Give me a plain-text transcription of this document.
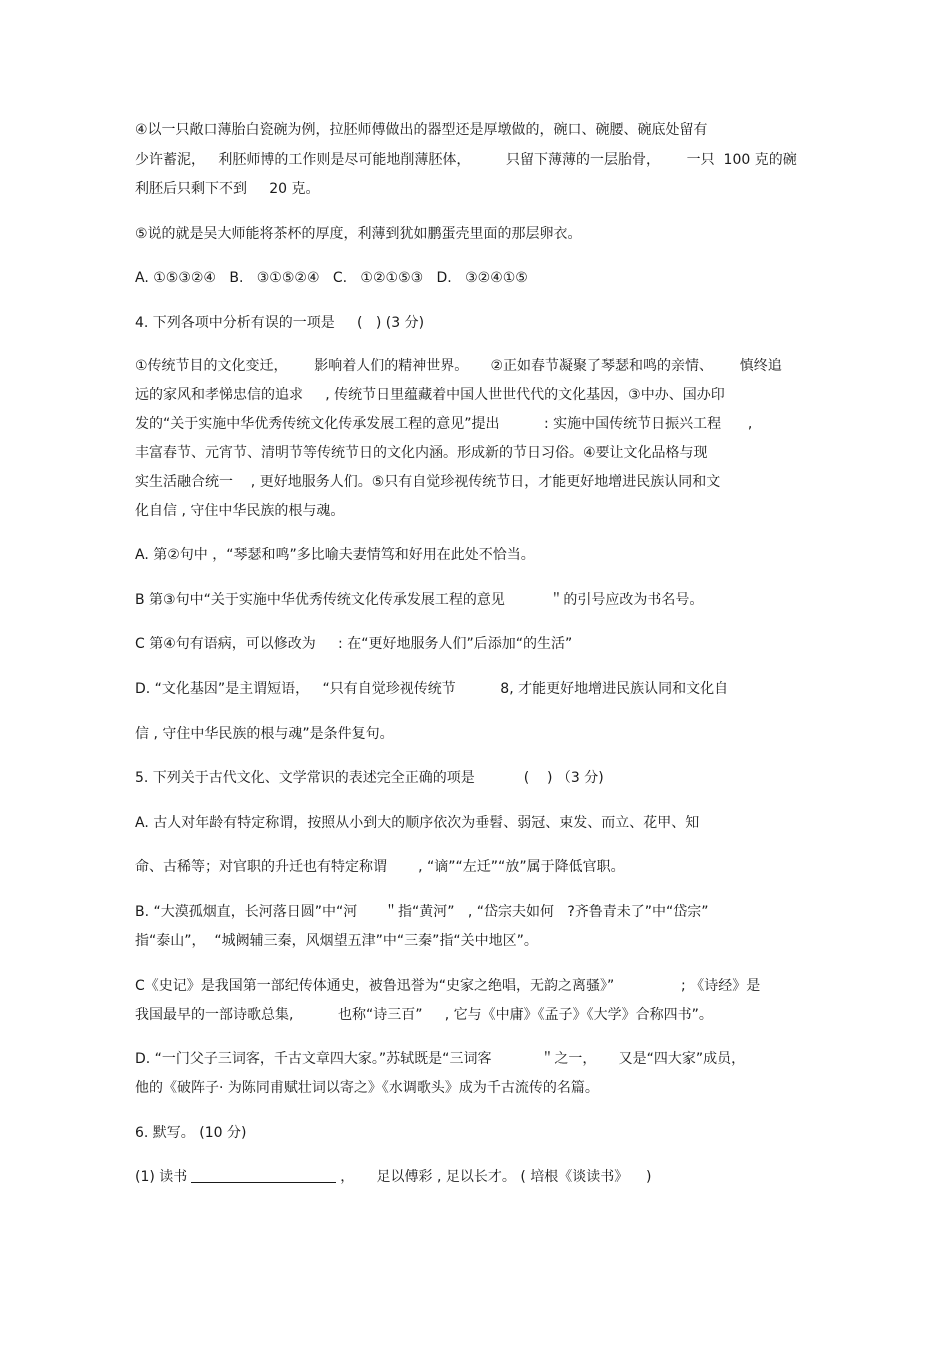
④以一只敞口薄胎白瓷碗为例，拉胚师傅做出的器型还是厚墩做的，碗口、碗腰、碗底处留有
少许蓄泥，   利胚师博的工作则是尽可能地削薄胚体，        只留下薄薄的一层胎骨，      一只  100 克的碗
利胚后只剩下不到     20 克。
⑤说的就是吴大师能将茶杯的厚度，利薄到犹如鹏蛋壳里面的那层卵衣。
A. ①⑤③②④   B.   ③①⑤②④   C.   ①②①⑤③   D.   ③②④①⑤
4. 下列各项中分析有误的一项是     (   ) (3 分)
①传统节目的文化变迁，      影响着人们的精神世界。     ②正如春节凝聚了琴瑟和鸣的亲情、      慎终追
远的家风和孝悌忠信的追求     , 传统节日里蕴藏着中国人世世代代的文化基因，③中办、国办印
发的“关于实施中华优秀传统文化传承发展工程的意见”提出          : 实施中国传统节日振兴工程      ,
丰富春节、元宵节、清明节等传统节日的文化内涵。形成新的节日习俗。④要让文化品格与现
实生活融合统一    , 更好地服务人们。⑤只有自觉珍视传统节日，才能更好地增进民族认同和文
化自信 , 守住中华民族的根与魂。
A. 第②句中 ，“琴瑟和鸣”多比喻夫妻情笃和好用在此处不恰当。
B 第③句中“关于实施中华优秀传统文化传承发展工程的意见          ＂的引号应改为书名号。
C 第④句有语病，可以修改为     : 在“更好地服务人们”后添加“的生活”
D. “文化基因”是主谓短语，   “只有自觉珍视传统节          8, 才能更好地增进民族认同和文化自
信 , 守住中华民族的根与魂”是条件复句。
5. 下列关于古代文化、文学常识的表述完全正确的项是           (    ) （3 分)
A. 古人对年龄有特定称谓，按照从小到大的顺序依次为垂髫、弱冠、束发、而立、花甲、知
命、古稀等；对官职的升迁也有特定称谓       , “谪”“左迁”“放”属于降低官职。
B. “大漠孤烟直，长河落日圆”中“河      ＂指“黄河”   , “岱宗夫如何   ?齐鲁青未了”中“岱宗”
指“泰山”，  “城阙辅三秦，风烟望五津”中“三秦”指“关中地区”。
C《史记》是我国第一部纪传体通史，被鲁迅誉为“史家之绝唱，无韵之离骚》”               ; 《诗经》是
我国最早的一部诗歌总集,          也称“诗三百”     , 它与《中庸》《孟子》《大学》合称四书”。
D. “一门父子三词客，千古文章四大家。”苏轼既是“三词客           ＂之一，     又是“四大家”成员，
他的《破阵子· 为陈同甫赋壮词以寄之》《水调歌头》成为千古流传的名篇。
6. 默写。 (10 分)
(1) 读书	，     足以傅彩 , 足以长才。 ( 培根《谈读书》    )
